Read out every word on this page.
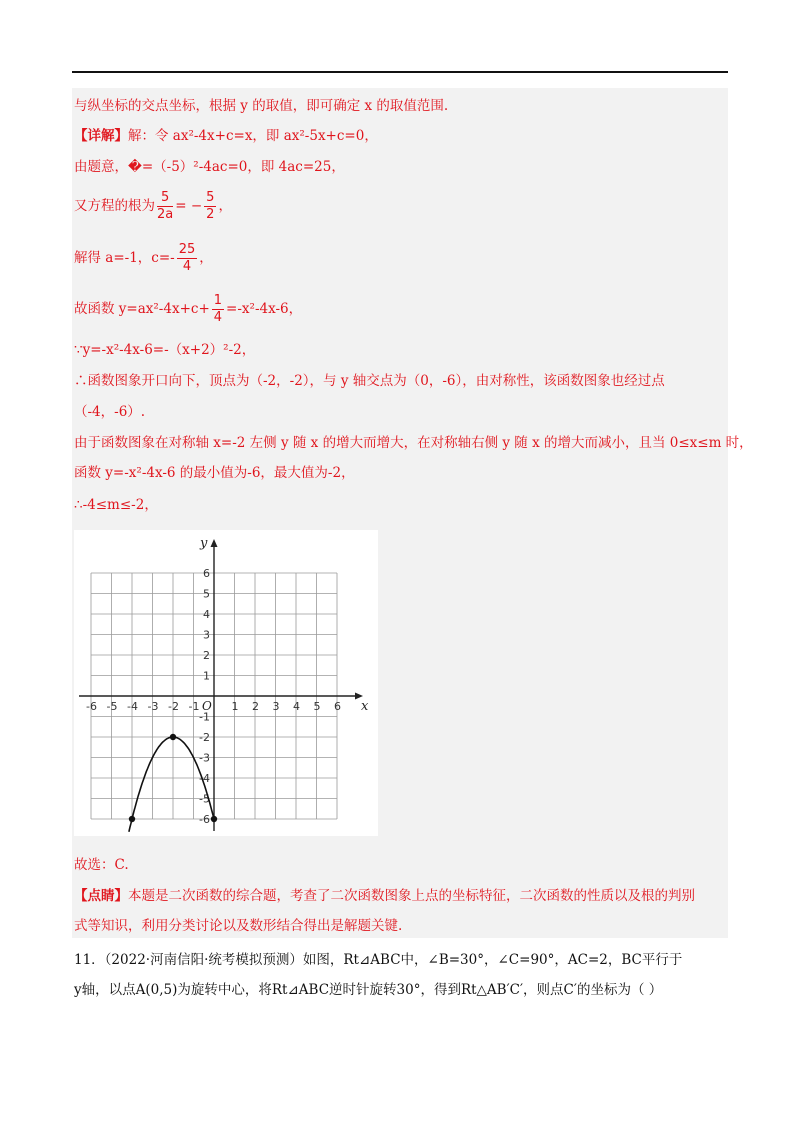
与纵坐标的交点坐标，根据 y 的取值，即可确定 x 的取值范围.
【详解】解：令 ax²-4x+c=x，即 ax²-5x+c=0，
由题意，�=（-5）²-4ac=0，即 4ac=25，
又方程的根为 $\frac{5}{2a}$ = − $\frac{5}{2}$ ，
解得 a=-1，$c=- \frac{25}{4}$ ，
故函数 $y=ax^2-4x+c+ \frac{1}{4} =-x^2-4x-6$，
∵y=-x²-4x-6=-（x+2）²-2，
∴函数图象开口向下，顶点为（-2，-2），与 y 轴交点为（0，-6），由对称性，该函数图象也经过点
（-4，-6）.
由于函数图象在对称轴 x=-2 左侧 y 随 x 的增大而增大，在对称轴右侧 y 随 x 的增大而减小，且当 0≤x≤m 时，
函数 y=-x²-4x-6 的最小值为-6，最大值为-2，
∴-4≤m≤-2，
y
x
O
-6 -5 -4 -3 -2 -1	1 2 3 4 5 6
6
5
4
3
2
1
-1
-2
-3
-4
-5
-6
故选：C.
【点睛】本题是二次函数的综合题，考查了二次函数图象上点的坐标特征，二次函数的性质以及根的判别
式等知识，利用分类讨论以及数形结合得出是解题关键.
11．（2022·河南信阳·统考模拟预测）如图，Rt⊿ABC中，∠B=30°，∠C=90°，AC=2，BC平行于
y轴，以点A(0,5)为旋转中心，将Rt⊿ABC逆时针旋转30°，得到Rt△AB′C′，则点C′的坐标为（ ）
